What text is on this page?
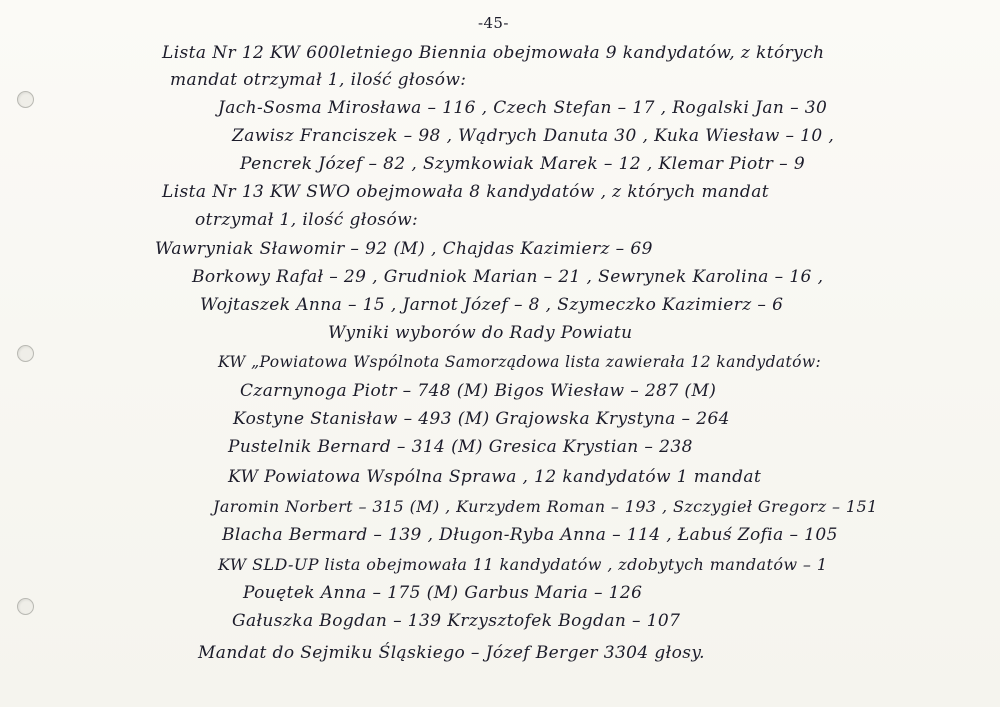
-45-
Lista Nr 12 KW 600letniego Biennia obejmowała 9 kandydatów, z których
mandat otrzymał 1, ilość głosów:
Jach-Sosma Mirosława – 116 , Czech Stefan – 17 , Rogalski Jan – 30
Zawisz Franciszek – 98 , Wądrych Danuta 30 , Kuka Wiesław – 10 ,
Pencrek Józef – 82 , Szymkowiak Marek – 12 , Klemar Piotr – 9
Lista Nr 13 KW SWO obejmowała 8 kandydatów , z których mandat
otrzymał 1, ilość głosów:
Wawryniak Sławomir – 92 (M) , Chajdas Kazimierz – 69
Borkowy Rafał – 29 , Grudniok Marian – 21 , Sewrynek Karolina – 16 ,
Wojtaszek Anna – 15 , Jarnot Józef – 8 , Szymeczko Kazimierz – 6
Wyniki wyborów do Rady Powiatu
KW „Powiatowa Wspólnota Samorządowa lista zawierała 12 kandydatów:
Czarnynoga Piotr – 748 (M) Bigos Wiesław – 287 (M)
Kostyne Stanisław – 493 (M) Grajowska Krystyna – 264
Pustelnik Bernard – 314 (M) Gresica Krystian – 238
KW Powiatowa Wspólna Sprawa , 12 kandydatów 1 mandat
Jaromin Norbert – 315 (M) , Kurzydem Roman – 193 , Szczygieł Gregorz – 151
Blacha Bermard – 139 , Długon-Ryba Anna – 114 , Łabuś Zofia – 105
KW SLD-UP lista obejmowała 11 kandydatów , zdobytych mandatów – 1
Pouętek Anna – 175 (M) Garbus Maria – 126
Gałuszka Bogdan – 139 Krzysztofek Bogdan – 107
Mandat do Sejmiku Śląskiego – Józef Berger 3304 głosy.
